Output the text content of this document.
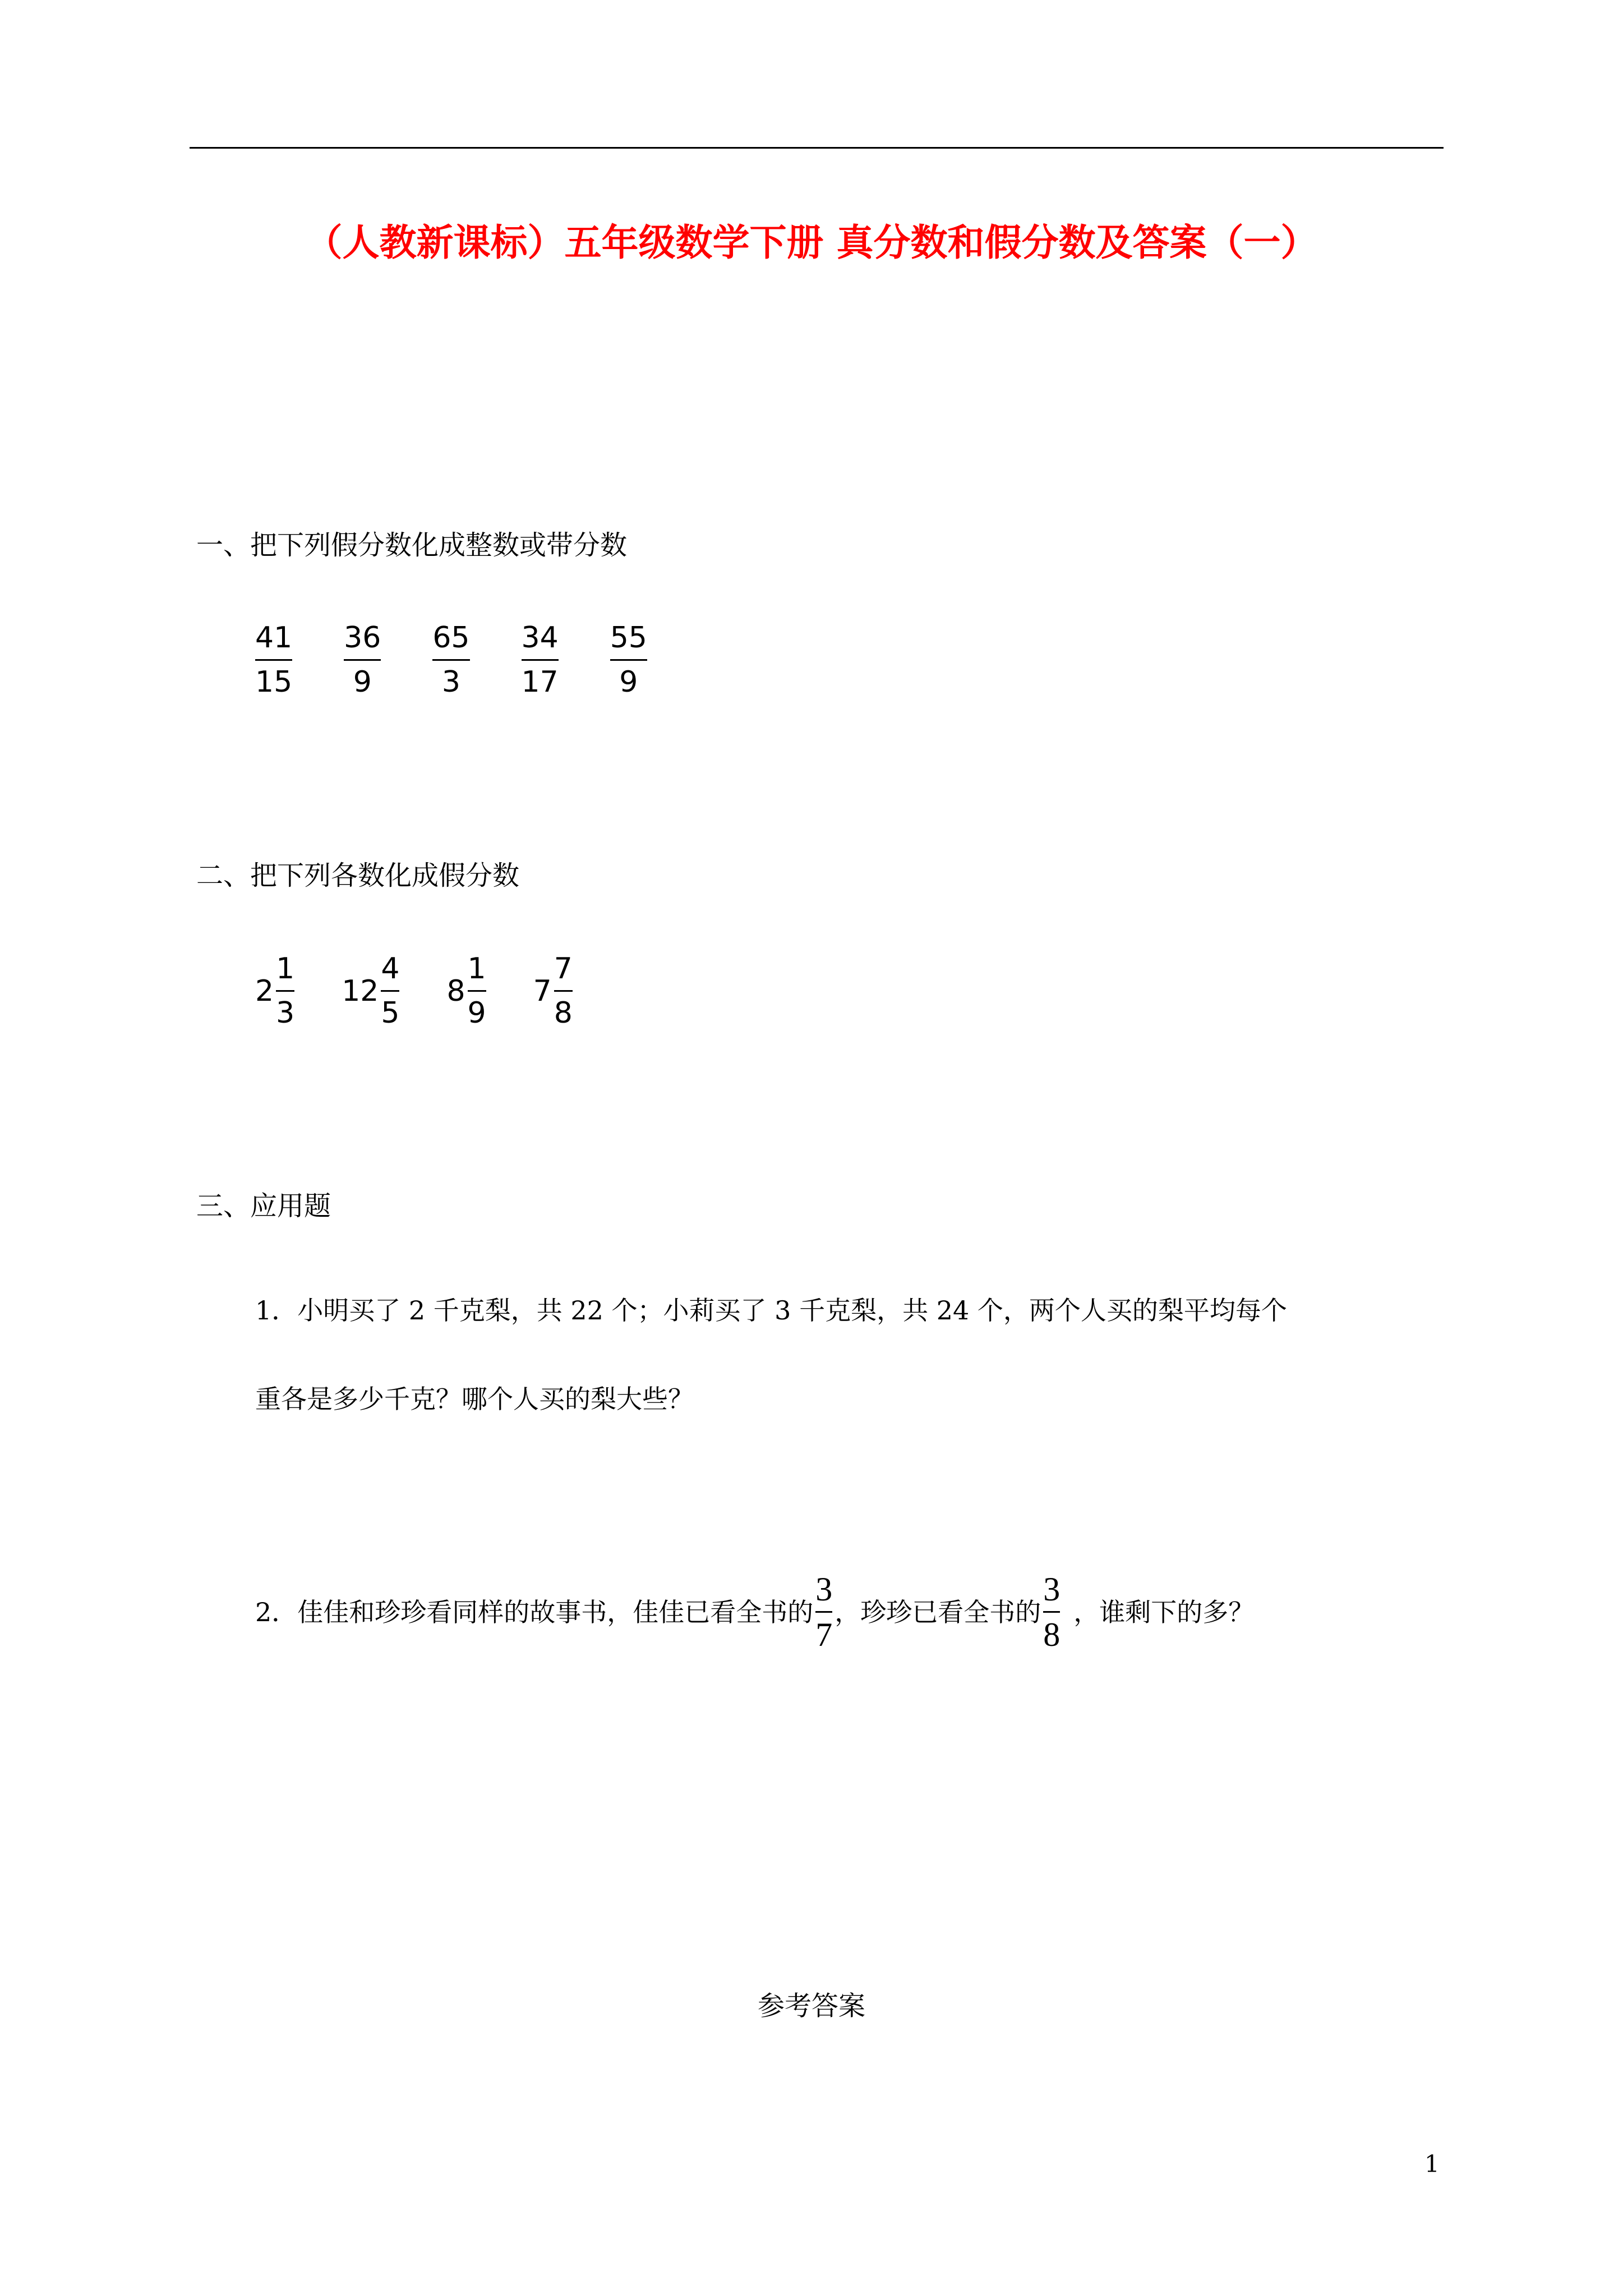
（人教新课标）五年级数学下册 真分数和假分数及答案（一）
一、把下列假分数化成整数或带分数
$\frac{41}{15} \frac{36}{9} \frac{65}{3} \frac{34}{17} \frac{55}{9}$
二、把下列各数化成假分数
$2 \frac{1}{3} 12 \frac{4}{5} 8 \frac{1}{9} 7 \frac{7}{8}$
三、应用题
1．小明买了 2 千克梨，共 22 个；小莉买了 3 千克梨，共 24 个，两个人买的梨平均每个
重各是多少千克？哪个人买的梨大些？
2．佳佳和珍珍看同样的故事书，佳佳已看全书的 $\frac{3}{7}$ ，珍珍已看全书的 $\frac{3}{8}$ ，谁剩下的多？
参考答案
1
